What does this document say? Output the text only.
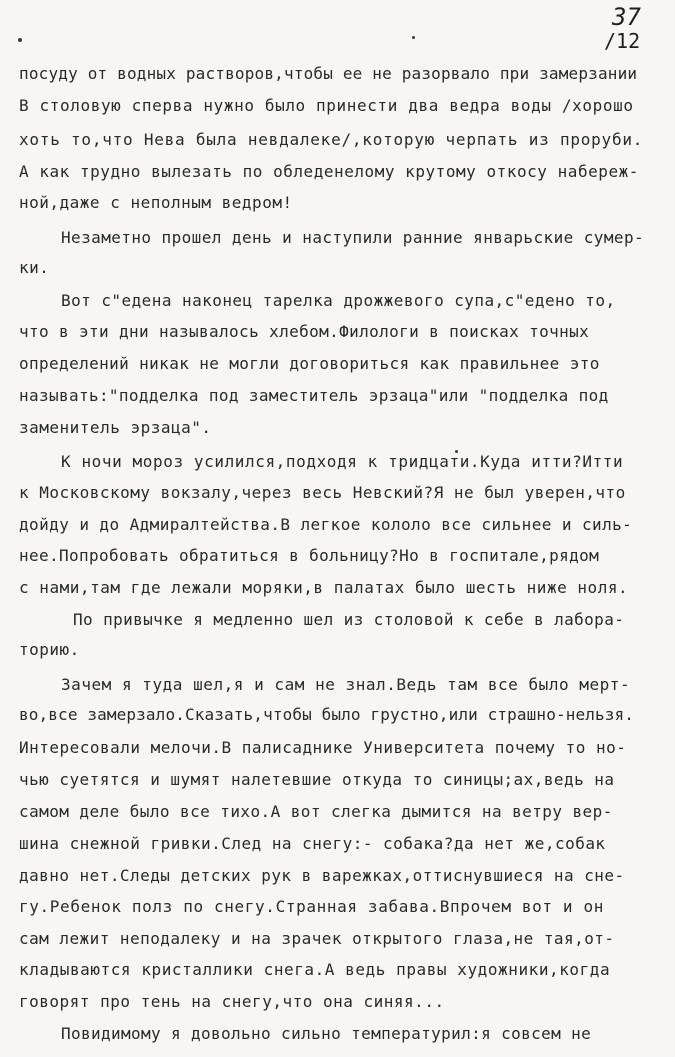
37
/12
посуду от водных растворов,чтобы ее не разорвало при замерзании
В столовую сперва нужно было принести два ведра воды /хорошо
хоть то,что Нева была невдалеке/,которую черпать из проруби.
А как трудно вылезать по обледенелому крутому откосу набереж-
ной,даже с неполным ведром!
Незаметно прошел день и наступили ранние январьские сумер-
ки.
Вот с"едена наконец тарелка дрожжевого супа,с"едено то,
что в эти дни называлось хлебом.Филологи в поисках точных
определений никак не могли договориться как правильнее это
называть:"подделка под заместитель эрзаца"или "подделка под
заменитель эрзаца".
К ночи мороз усилился,подходя к тридцати.Куда итти?Итти
к Московскому вокзалу,через весь Невский?Я не был уверен,что
дойду и до Адмиралтейства.В легкое кололо все сильнее и силь-
нее.Попробовать обратиться в больницу?Но в госпитале,рядом
с нами,там где лежали моряки,в палатах было шесть ниже ноля.
По привычке я медленно шел из столовой к себе в лабора-
торию.
Зачем я туда шел,я и сам не знал.Ведь там все было мерт-
во,все замерзало.Сказать,чтобы было грустно,или страшно-нельзя.
Интересовали мелочи.В палисаднике Университета почему то но-
чью суетятся и шумят налетевшие откуда то синицы;ах,ведь на
самом деле было все тихо.А вот слегка дымится на ветру вер-
шина снежной гривки.След на снегу:- собака?да нет же,собак
давно нет.Следы детских рук в варежках,оттиснувшиеся на сне-
гу.Ребенок полз по снегу.Странная забава.Впрочем вот и он
сам лежит неподалеку и на зрачек открытого глаза,не тая,от-
кладываются кристаллики снега.А ведь правы художники,когда
говорят про тень на снегу,что она синяя...
Повидимому я довольно сильно температурил:я совсем не
